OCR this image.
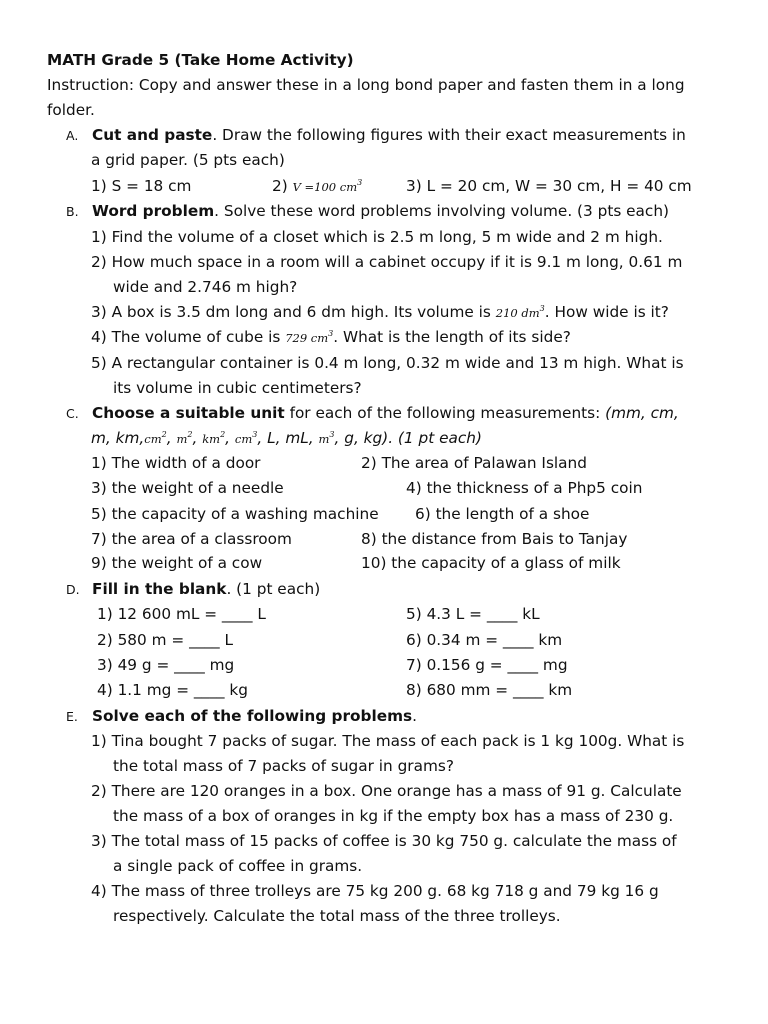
MATH Grade 5 (Take Home Activity)
Instruction: Copy and answer these in a long bond paper and fasten them in a long
folder.
A. Cut and paste. Draw the following figures with their exact measurements in
a grid paper. (5 pts each)
1) S = 18 cm	2) V =100 $cm^3$	3) L = 20 cm, W = 30 cm, H = 40 cm
B. Word problem. Solve these word problems involving volume. (3 pts each)
1) Find the volume of a closet which is 2.5 m long, 5 m wide and 2 m high.
2) How much space in a room will a cabinet occupy if it is 9.1 m long, 0.61 m
wide and 2.746 m high?
3) A box is 3.5 dm long and 6 dm high. Its volume is 210 $dm^3$. How wide is it?
4) The volume of cube is 729 $cm^3$. What is the length of its side?
5) A rectangular container is 0.4 m long, 0.32 m wide and 13 m high. What is
its volume in cubic centimeters?
C. Choose a suitable unit for each of the following measurements: (mm, cm,
m, $km,cm^2$, $m^2$, $km^2$, $cm^3$, L, mL, $m^3$, g, kg). (1 pt each)
1) The width of a door	2) The area of Palawan Island
3) the weight of a needle	4) the thickness of a Php5 coin
5) the capacity of a washing machine 6) the length of a shoe
7) the area of a classroom	8) the distance from Bais to Tanjay
9) the weight of a cow	10) the capacity of a glass of milk
D. Fill in the blank. (1 pt each)
1) 12 600 mL = ____ L	5) 4.3 L = ____ kL
2) 580 m = ____ L	6) 0.34 m = ____ km
3) 49 g = ____ mg	7) 0.156 g = ____ mg
4) 1.1 mg = ____ kg	8) 680 mm = ____ km
E. Solve each of the following problems.
1) Tina bought 7 packs of sugar. The mass of each pack is 1 kg 100g. What is
the total mass of 7 packs of sugar in grams?
2) There are 120 oranges in a box. One orange has a mass of 91 g. Calculate
the mass of a box of oranges in kg if the empty box has a mass of 230 g.
3) The total mass of 15 packs of coffee is 30 kg 750 g. calculate the mass of
a single pack of coffee in grams.
4) The mass of three trolleys are 75 kg 200 g. 68 kg 718 g and 79 kg 16 g
respectively. Calculate the total mass of the three trolleys.
